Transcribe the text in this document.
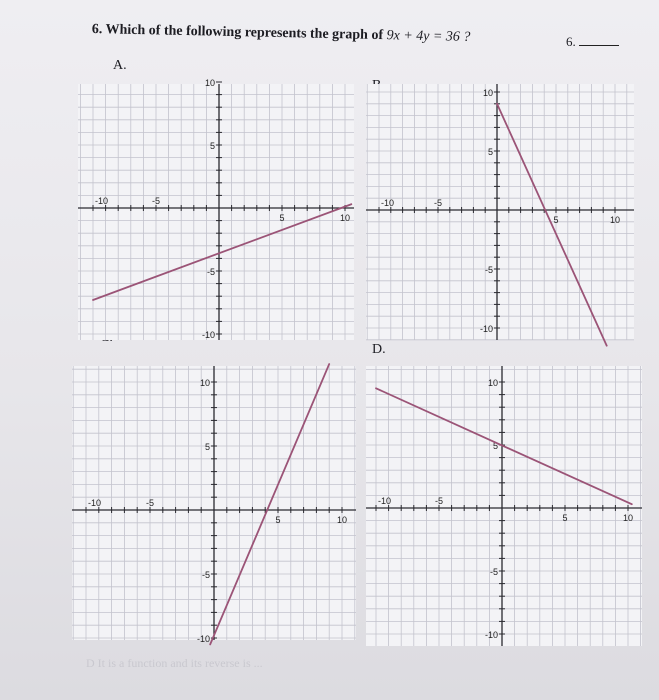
6. Which of the following represents the graph of 9x + 4y = 36 ?	6.
A.
D.
-10	-5
5	10
10
5
-5
-10
-10	-5
5	10
10
5
-5
-10
-10	-5
5	10
10
5
-5
-10
-10	-5
5	10
10
5
-5
-10
D It is a function and its reverse is ...
